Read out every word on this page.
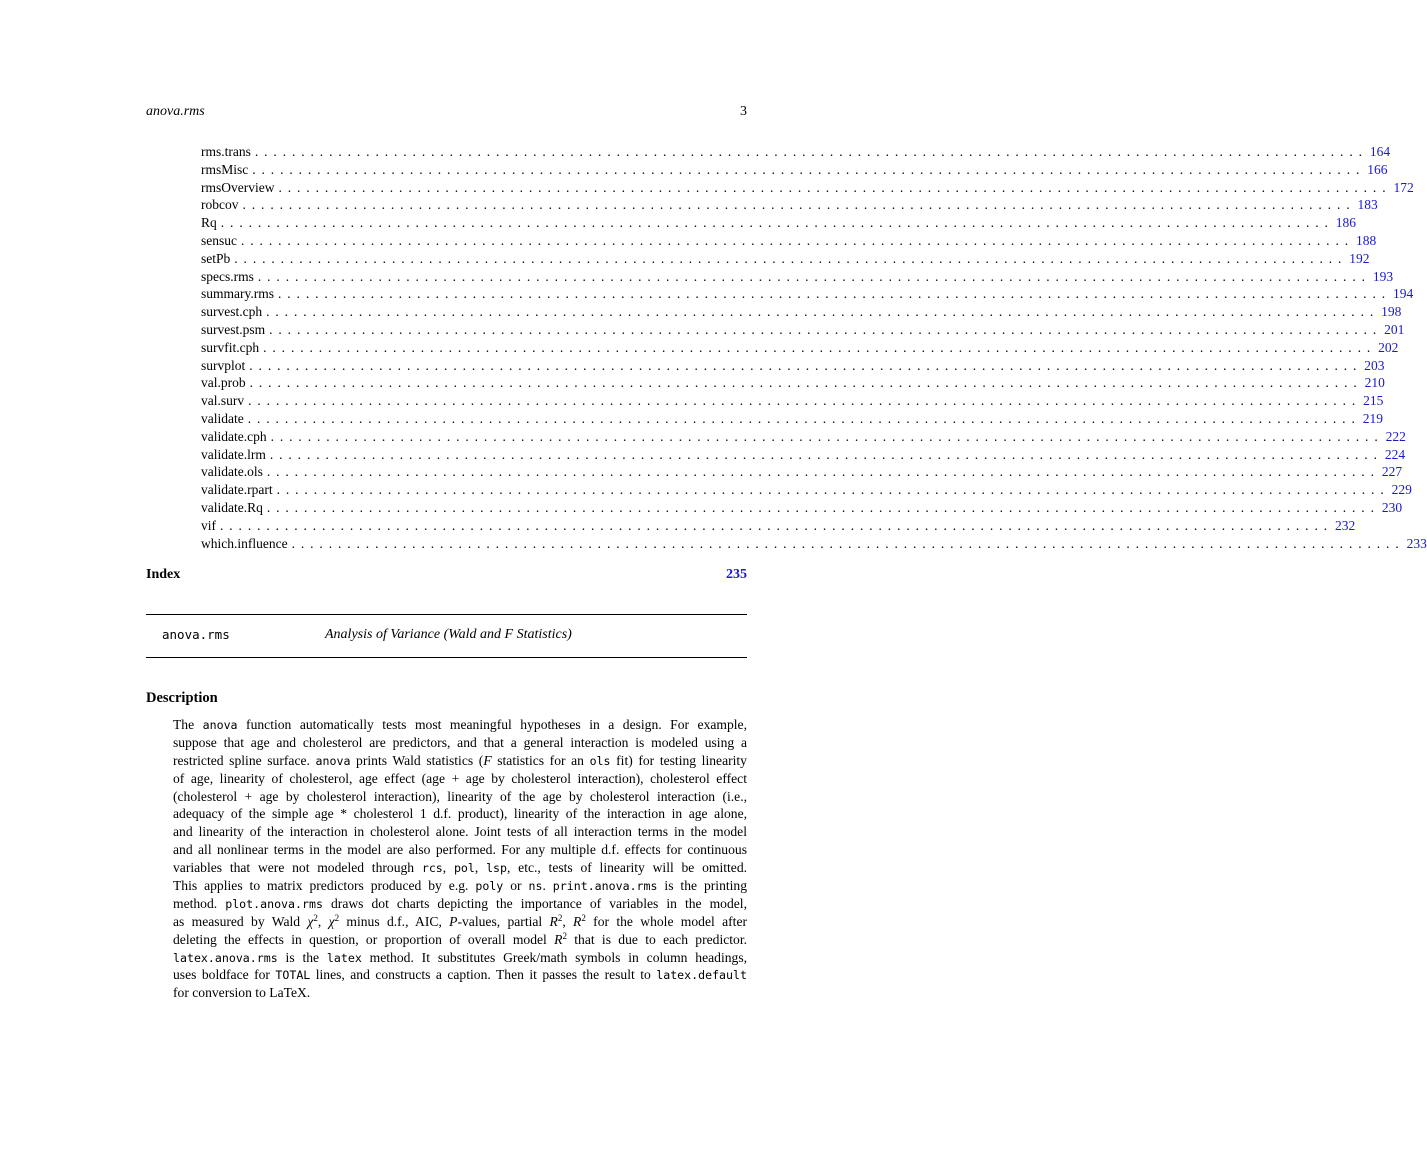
anova.rms	3
rms.trans ........................................................................................................................ 164
rmsMisc ........................................................................................................................ 166
rmsOverview ........................................................................................................................ 172
robcov ........................................................................................................................ 183
Rq ........................................................................................................................ 186
sensuc ........................................................................................................................ 188
setPb ........................................................................................................................ 192
specs.rms ........................................................................................................................ 193
summary.rms ........................................................................................................................ 194
survest.cph ........................................................................................................................ 198
survest.psm ........................................................................................................................ 201
survfit.cph ........................................................................................................................ 202
survplot ........................................................................................................................ 203
val.prob ........................................................................................................................ 210
val.surv ........................................................................................................................ 215
validate ........................................................................................................................ 219
validate.cph ........................................................................................................................ 222
validate.lrm ........................................................................................................................ 224
validate.ols ........................................................................................................................ 227
validate.rpart ........................................................................................................................ 229
validate.Rq ........................................................................................................................ 230
vif ........................................................................................................................ 232
which.influence ........................................................................................................................ 233
Index	235
anova.rms	Analysis of Variance (Wald and F Statistics)
Description
The anova function automatically tests most meaningful hypotheses in a design. For example,
suppose that age and cholesterol are predictors, and that a general interaction is modeled using a
restricted spline surface. anova prints Wald statistics (F statistics for an ols fit) for testing linearity
of age, linearity of cholesterol, age effect (age + age by cholesterol interaction), cholesterol effect
(cholesterol + age by cholesterol interaction), linearity of the age by cholesterol interaction (i.e.,
adequacy of the simple age * cholesterol 1 d.f. product), linearity of the interaction in age alone,
and linearity of the interaction in cholesterol alone. Joint tests of all interaction terms in the model
and all nonlinear terms in the model are also performed. For any multiple d.f. effects for continuous
variables that were not modeled through rcs, pol, lsp, etc., tests of linearity will be omitted.
This applies to matrix predictors produced by e.g. poly or ns. print.anova.rms is the printing
method. plot.anova.rms draws dot charts depicting the importance of variables in the model,
as measured by Wald $\chi^2$, $\chi^2$ minus d.f., AIC, P-values, partial $R^2$, $R^2$ for the whole model after
deleting the effects in question, or proportion of overall model $R^2$ that is due to each predictor.
latex.anova.rms is the latex method. It substitutes Greek/math symbols in column headings,
uses boldface for TOTAL lines, and constructs a caption. Then it passes the result to latex.default
for conversion to LaTeX.
